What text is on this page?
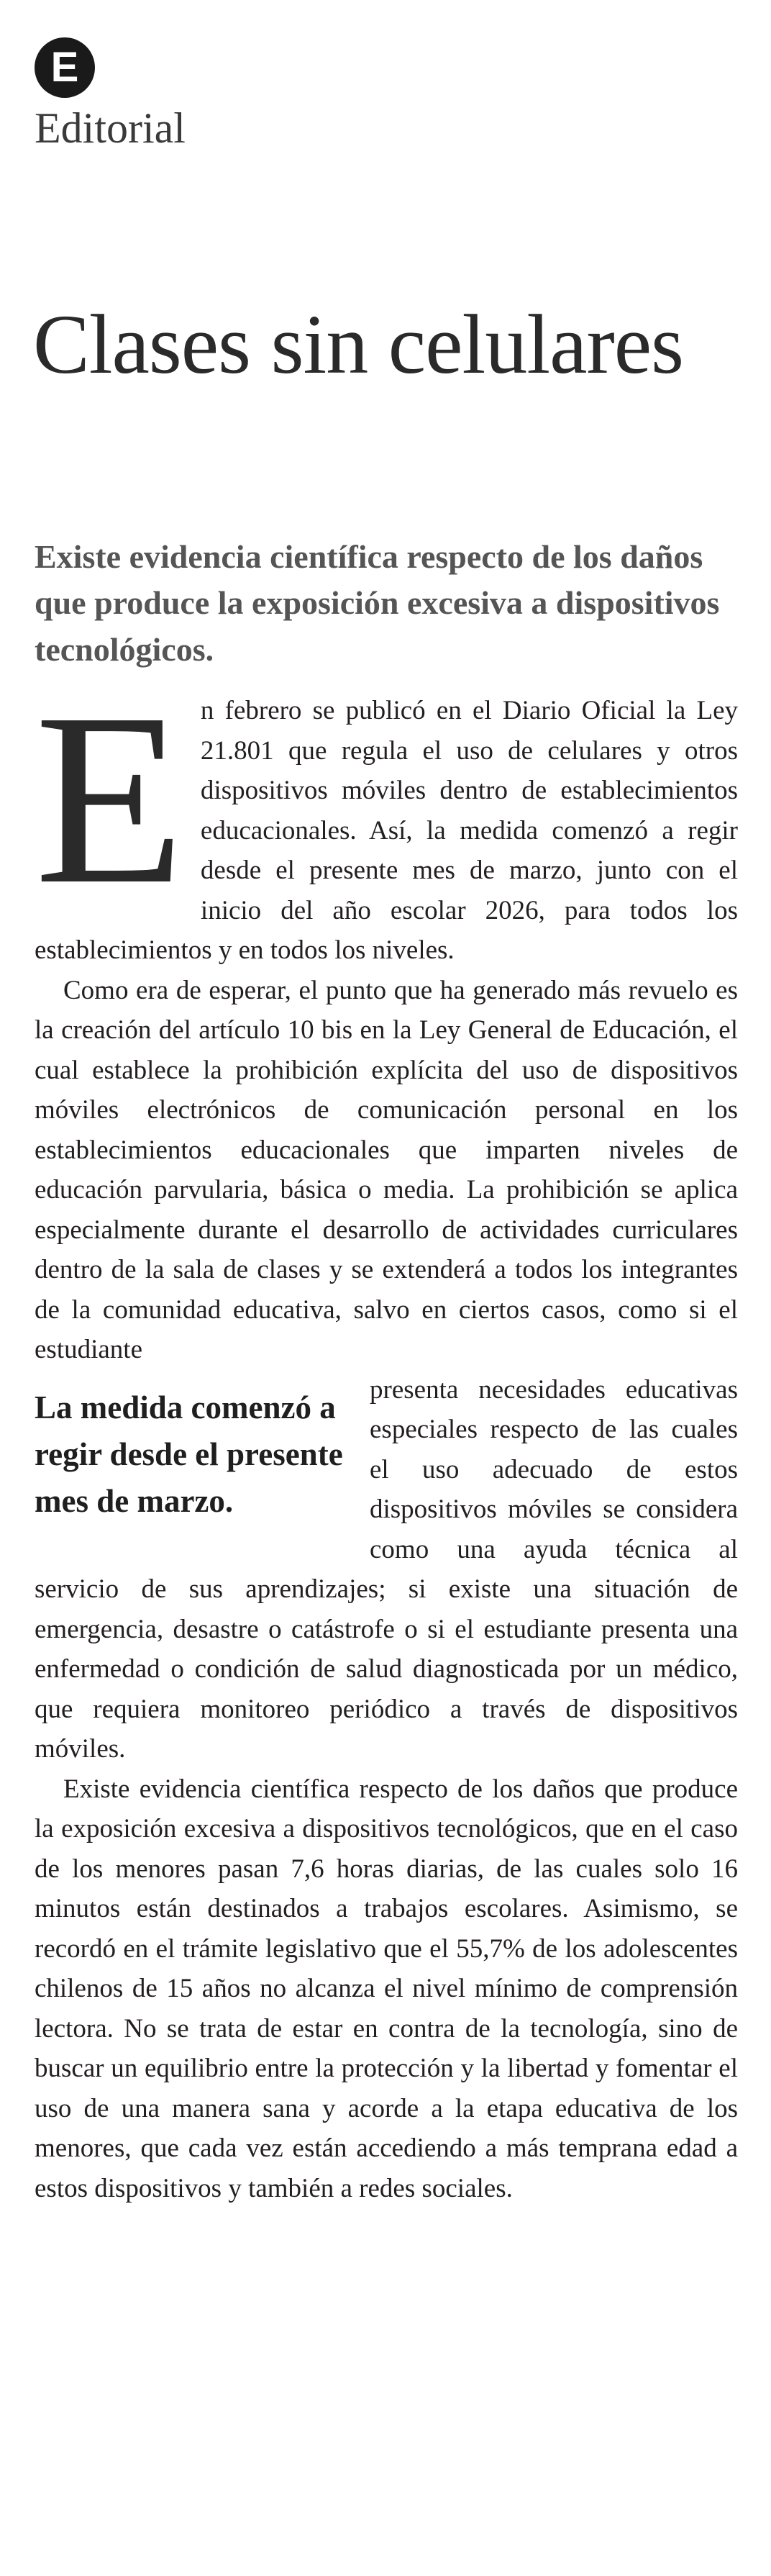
E
Editorial
Clases sin celulares

Existe evidencia científica respecto de los daños que produce la exposición excesiva a dispositivos tecnológicos.

En febrero se publicó en el Diario Oficial la Ley 21.801 que regula el uso de celulares y otros dispositivos móviles dentro de establecimientos educacionales. Así, la medida comenzó a regir desde el presente mes de marzo, junto con el inicio del año escolar 2026, para todos los establecimientos y en todos los niveles.

Como era de esperar, el punto que ha generado más revuelo es la creación del artículo 10 bis en la Ley General de Educación, el cual establece la prohibición explícita del uso de dispositivos móviles electrónicos de comunicación personal en los establecimientos educacionales que imparten niveles de educación parvularia, básica o media. La prohibición se aplica especialmente durante el desarrollo de actividades curriculares dentro de la sala de clases y se extenderá a todos los integrantes de la comunidad educativa, salvo en ciertos casos, como si el estudiante

La medida comenzó a regir desde el presente mes de marzo.

presenta necesidades educativas especiales respecto de las cuales el uso adecuado de estos dispositivos móviles se considera como una ayuda técnica al servicio de sus aprendizajes; si existe una situación de emergencia, desastre o catástrofe o si el estudiante presenta una enfermedad o condición de salud diagnosticada por un médico, que requiera monitoreo periódico a través de dispositivos móviles.

Existe evidencia científica respecto de los daños que produce la exposición excesiva a dispositivos tecnológicos, que en el caso de los menores pasan 7,6 horas diarias, de las cuales solo 16 minutos están destinados a trabajos escolares. Asimismo, se recordó en el trámite legislativo que el 55,7% de los adolescentes chilenos de 15 años no alcanza el nivel mínimo de comprensión lectora. No se trata de estar en contra de la tecnología, sino de buscar un equilibrio entre la protección y la libertad y fomentar el uso de una manera sana y acorde a la etapa educativa de los menores, que cada vez están accediendo a más temprana edad a estos dispositivos y también a redes sociales.
